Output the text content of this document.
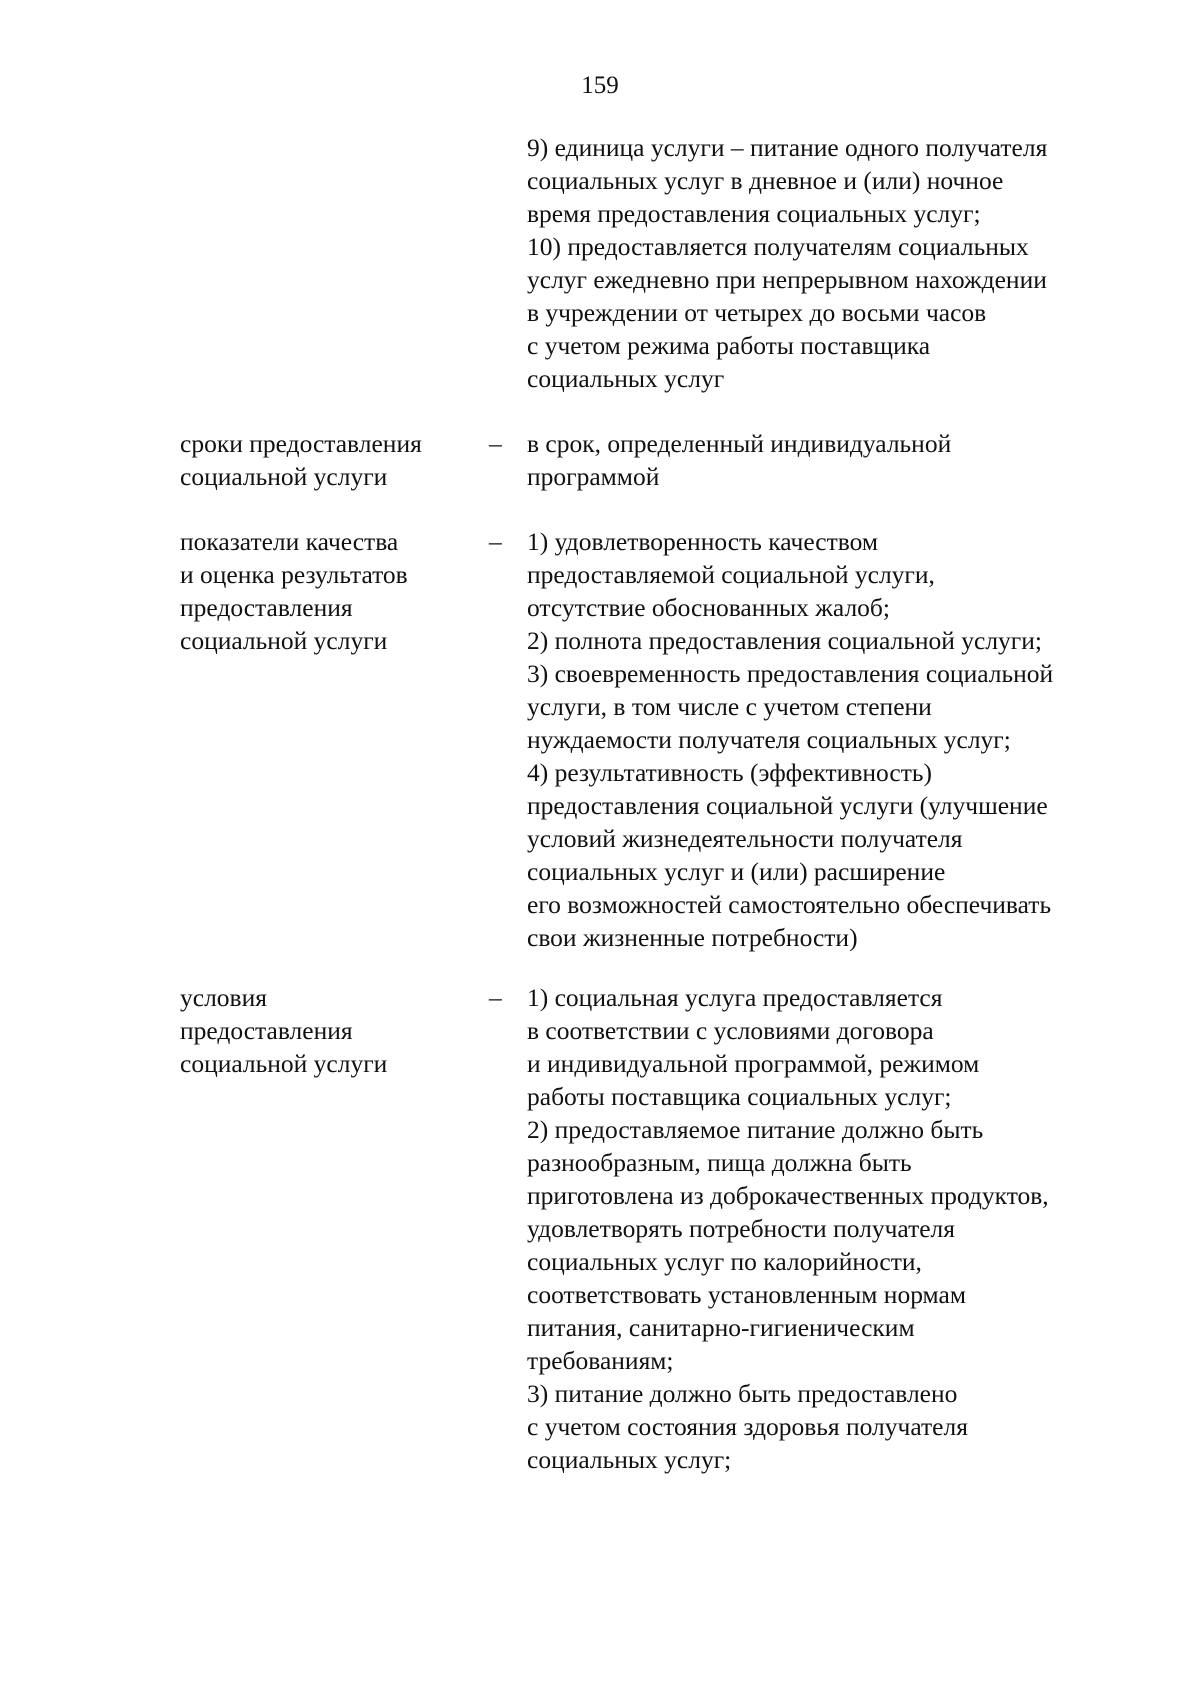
159
9) единица услуги – питание одного получателя
социальных услуг в дневное и (или) ночное
время предоставления социальных услуг;
10) предоставляется получателям социальных
услуг ежедневно при непрерывном нахождении
в учреждении от четырех до восьми часов
с учетом режима работы поставщика
социальных услуг
сроки предоставления
социальной услуги
– в срок, определенный индивидуальной
программой
показатели качества
и оценка результатов
предоставления
социальной услуги
– 1) удовлетворенность качеством
предоставляемой социальной услуги,
отсутствие обоснованных жалоб;
2) полнота предоставления социальной услуги;
3) своевременность предоставления социальной
услуги, в том числе с учетом степени
нуждаемости получателя социальных услуг;
4) результативность (эффективность)
предоставления социальной услуги (улучшение
условий жизнедеятельности получателя
социальных услуг и (или) расширение
его возможностей самостоятельно обеспечивать
свои жизненные потребности)
условия
предоставления
социальной услуги
– 1) социальная услуга предоставляется
в соответствии с условиями договора
и индивидуальной программой, режимом
работы поставщика социальных услуг;
2) предоставляемое питание должно быть
разнообразным, пища должна быть
приготовлена из доброкачественных продуктов,
удовлетворять потребности получателя
социальных услуг по калорийности,
соответствовать установленным нормам
питания, санитарно-гигиеническим
требованиям;
3) питание должно быть предоставлено
с учетом состояния здоровья получателя
социальных услуг;
